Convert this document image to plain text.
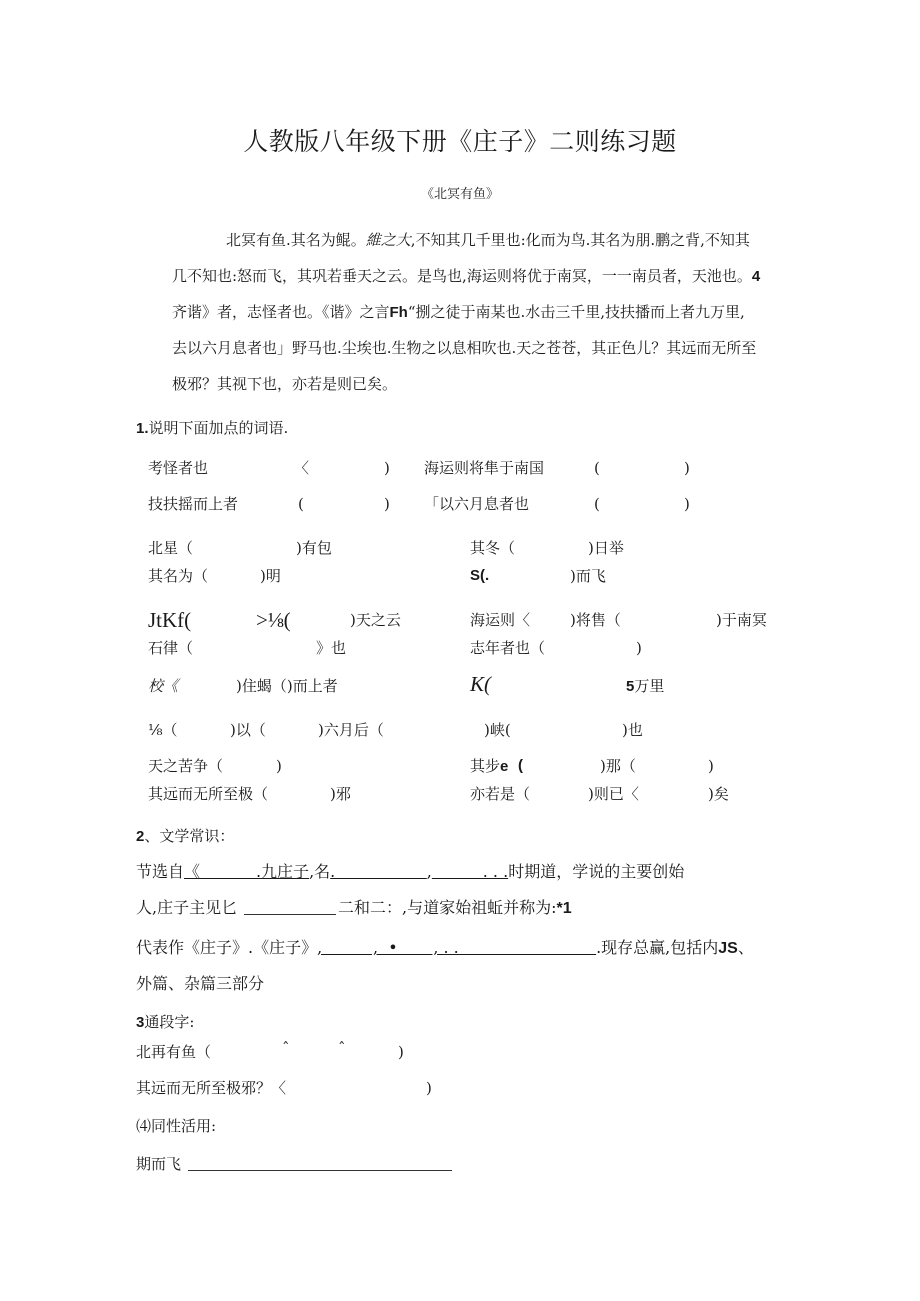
人教版八年级下册《庄子》二则练习题
《北冥有鱼》
北冥有鱼.其名为鲲。維之大,不知其几千里也:化而为鸟.其名为朋.鹏之背,不知其
几不知也:怒而飞，其巩若垂天之云。是鸟也,海运则将优于南冥，一一南员者，天池也。4
齐谐》者，志怪者也。《谐》之言Fh“捌之徒于南某也.水击三千里,技扶播而上者九万里,
去以六月息者也」野马也.尘埃也.生物之以息相吹也.天之苍苍，其正色儿？其远而无所至
极邪？其视下也，亦若是则已矣。
1.说明下面加点的词语.
考怪者也	〈	) 海运则将隼于南国	(	)
技扶摇而上者	(	) 「以六月息者也	(	)
北星（	)有包	其冬（	)日举
其名为（	)明	S(.	)而飞
JtKf(	>⅛(	)天之云	海运则〈	)将售（	)于南冥
石律（	》也	志年者也（	)
校《	)住蝎（)而上者	K(	5万里
⅛（	)以（	)六月后（	)峡(	)也
天之苦争（	)	其步e (	)那（	)
其远而无所至极（	)邪	亦若是（	)则已〈	)矣
2、文学常识：
节选自《           .九庄子,名.                  ,          . . .时期道，学说的主要创始
人,庄子主见匕	二和二：,与道家始祖蚯并称为:*1
代表作《庄子》.《庄子》,          ,  •       , . .                           .现存总赢,包括内JS、
外篇、杂篇三部分
3通段字:
北再有鱼（	ˆ	ˆ	)
其远而无所至极邪？〈	)
⑷同性活用:
期而飞
